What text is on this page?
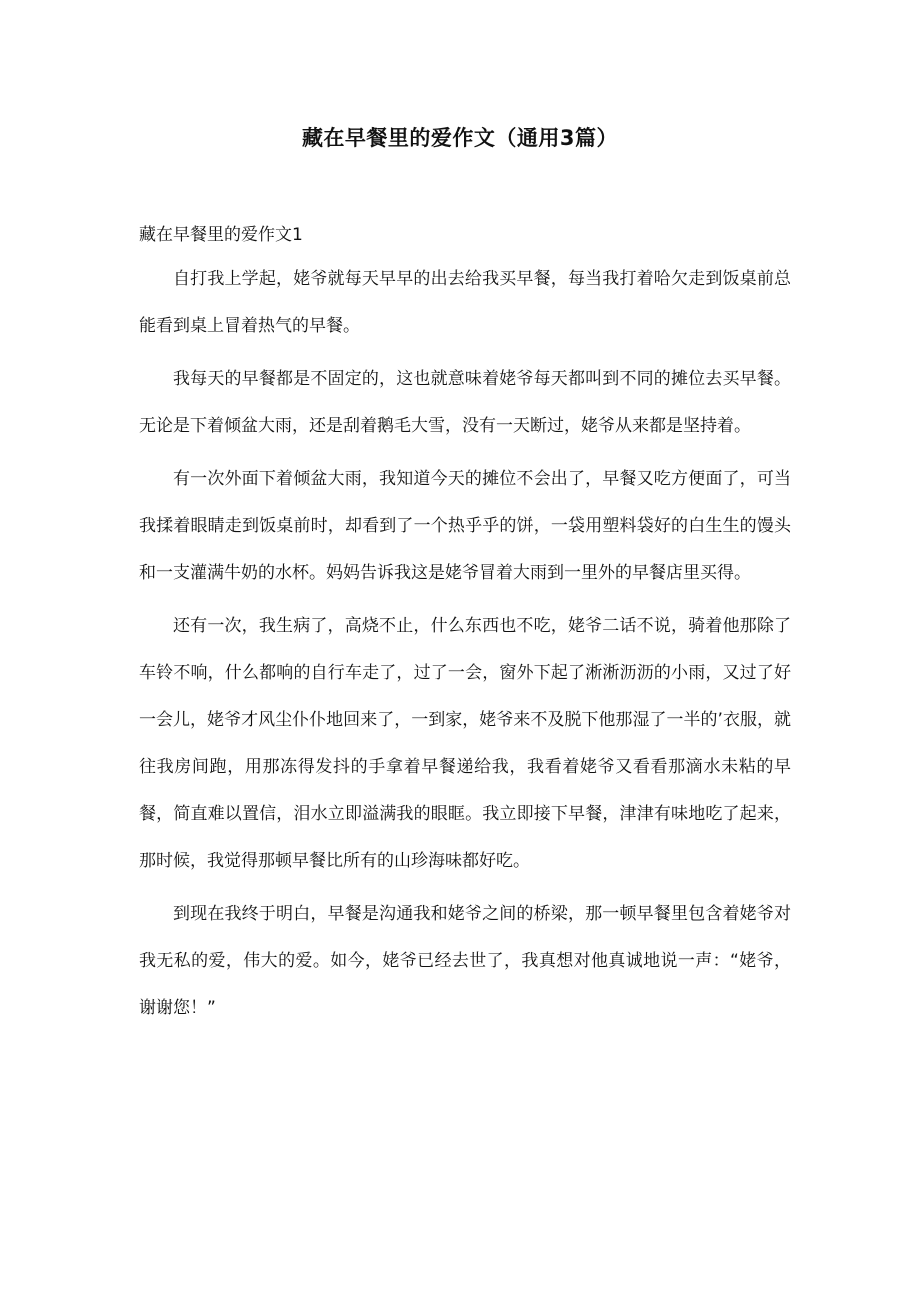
藏在早餐里的爱作文（通用3篇）

藏在早餐里的爱作文1

自打我上学起，姥爷就每天早早的出去给我买早餐，每当我打着哈欠走到饭桌前总能看到桌上冒着热气的早餐。

我每天的早餐都是不固定的，这也就意味着姥爷每天都叫到不同的摊位去买早餐。无论是下着倾盆大雨，还是刮着鹅毛大雪，没有一天断过，姥爷从来都是坚持着。

有一次外面下着倾盆大雨，我知道今天的摊位不会出了，早餐又吃方便面了，可当我揉着眼睛走到饭桌前时，却看到了一个热乎乎的饼，一袋用塑料袋好的白生生的馒头和一支灌满牛奶的水杯。妈妈告诉我这是姥爷冒着大雨到一里外的早餐店里买得。

还有一次，我生病了，高烧不止，什么东西也不吃，姥爷二话不说，骑着他那除了车铃不响，什么都响的自行车走了，过了一会，窗外下起了淅淅沥沥的小雨，又过了好一会儿，姥爷才风尘仆仆地回来了，一到家，姥爷来不及脱下他那湿了一半的’衣服，就往我房间跑，用那冻得发抖的手拿着早餐递给我，我看着姥爷又看看那滴水未粘的早餐，简直难以置信，泪水立即溢满我的眼眶。我立即接下早餐，津津有味地吃了起来，那时候，我觉得那顿早餐比所有的山珍海味都好吃。

到现在我终于明白，早餐是沟通我和姥爷之间的桥梁，那一顿早餐里包含着姥爷对我无私的爱，伟大的爱。如今，姥爷已经去世了，我真想对他真诚地说一声：“姥爷，谢谢您！”
